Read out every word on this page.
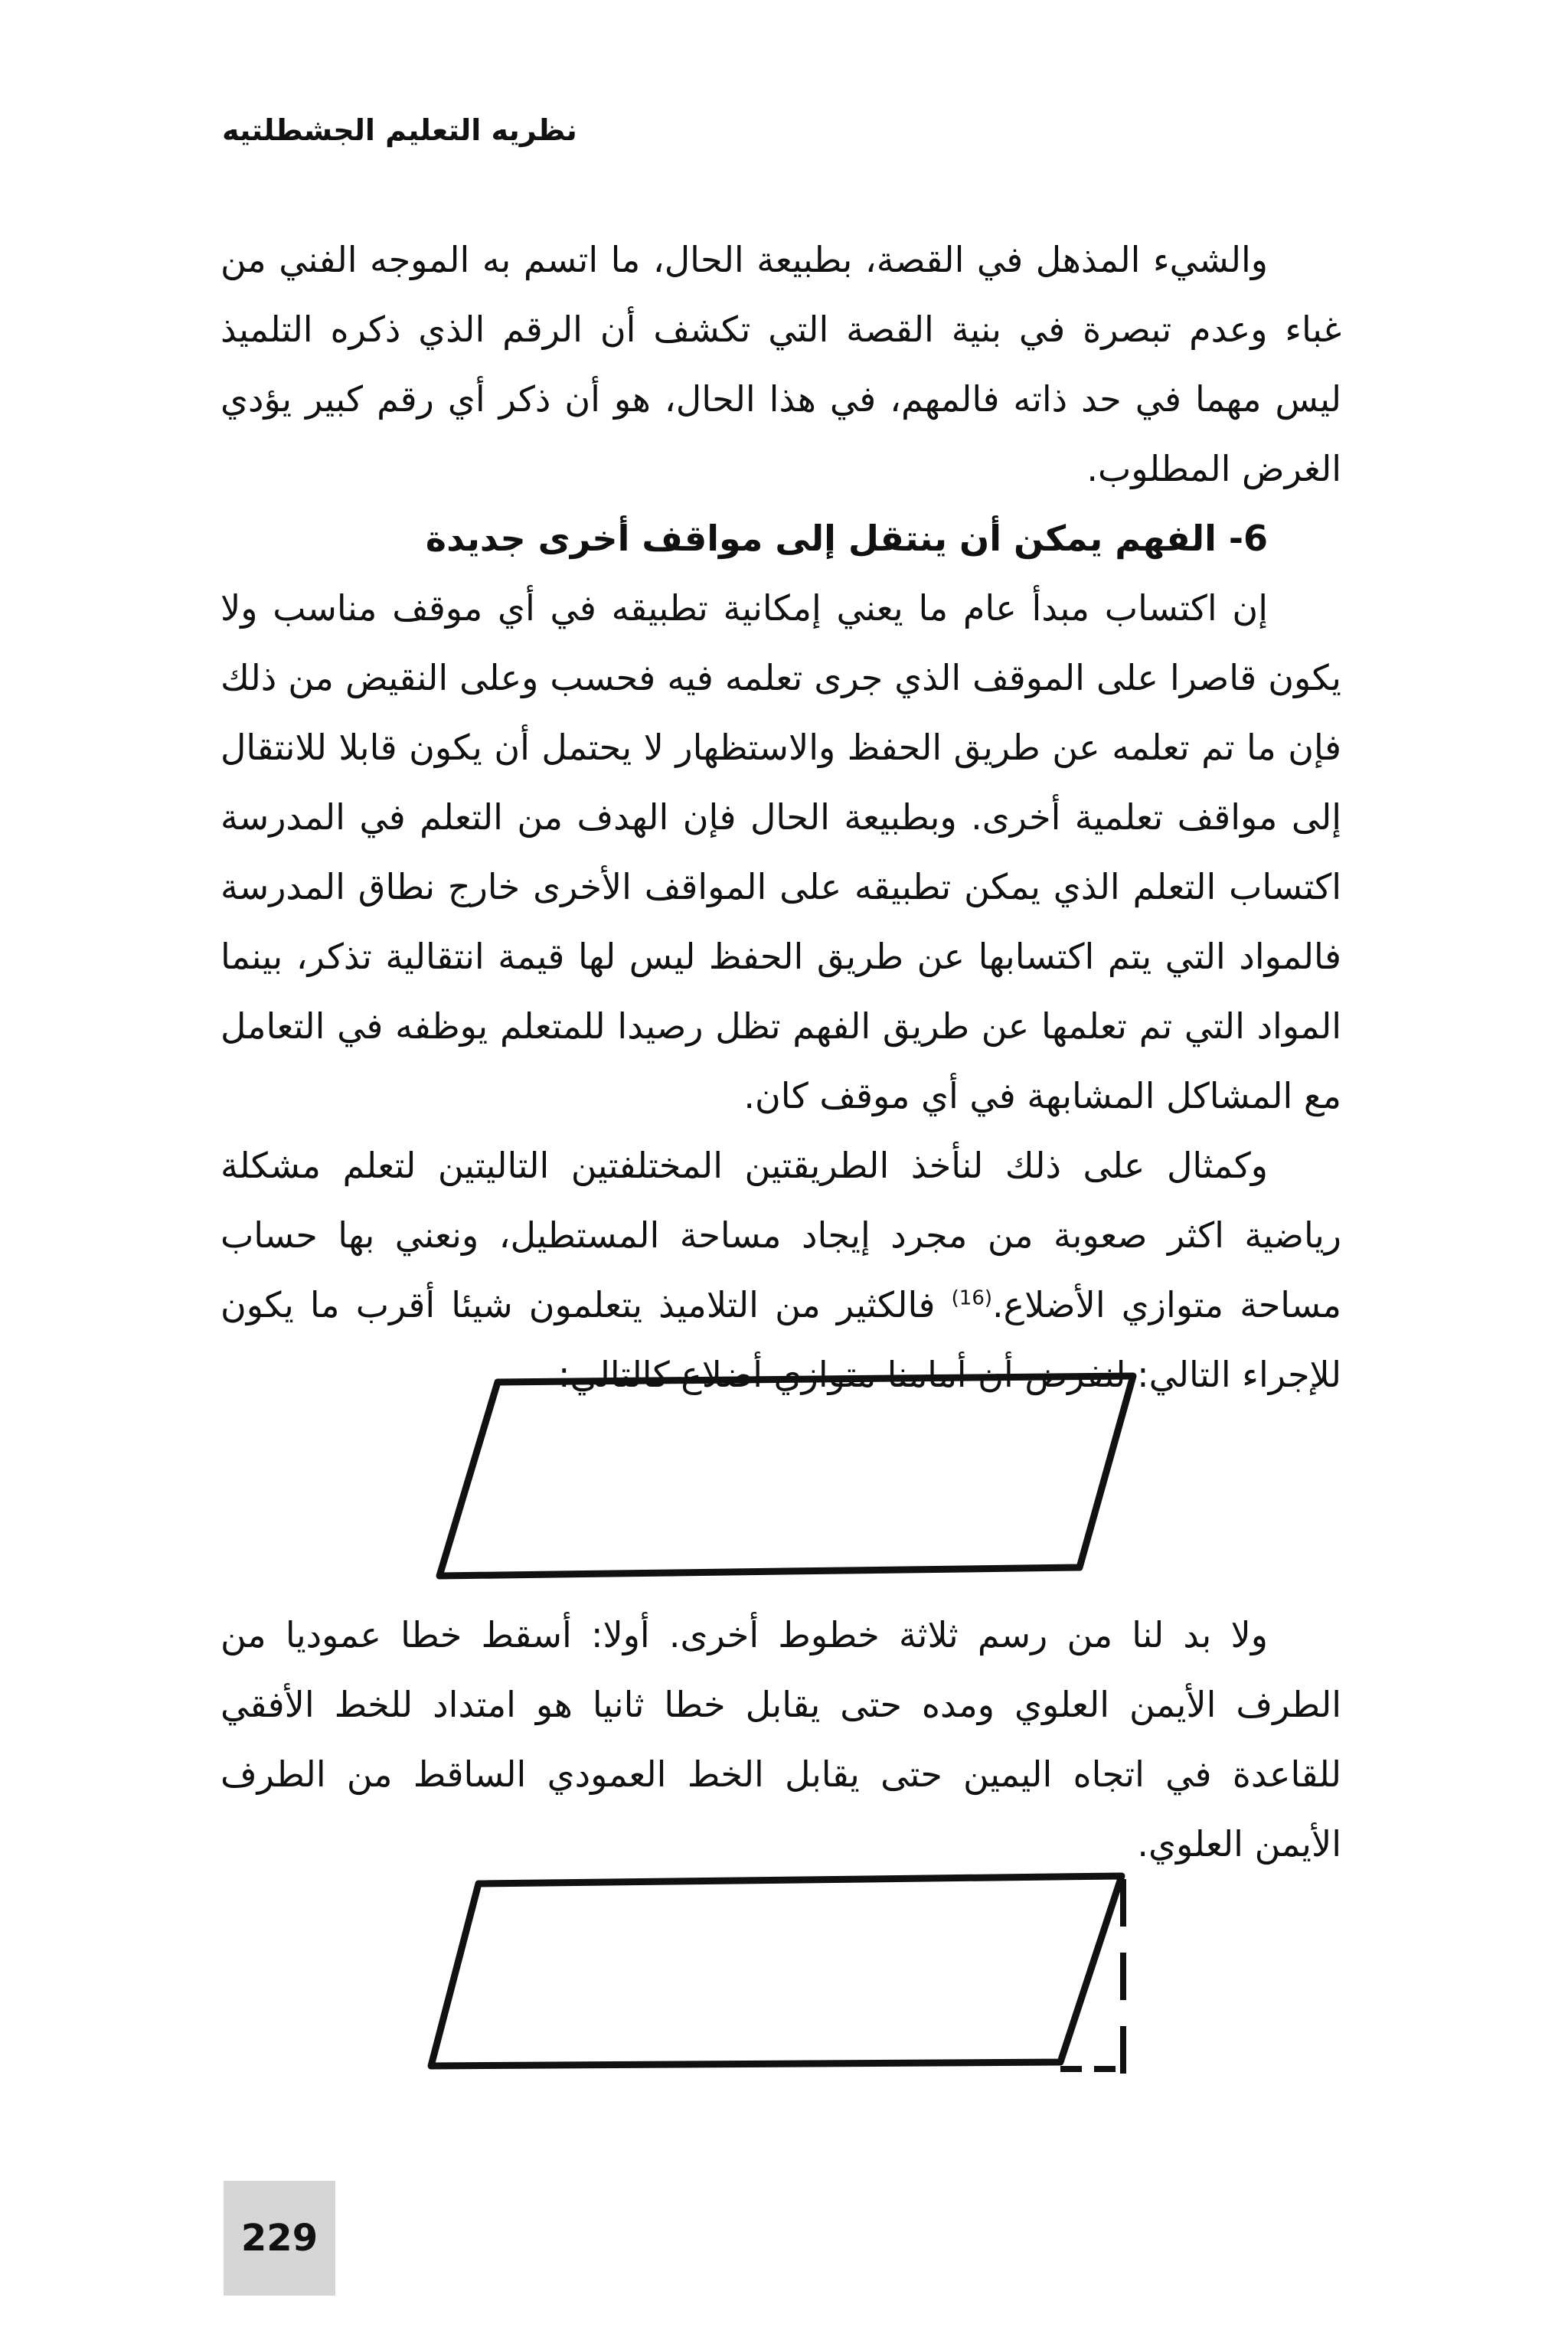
نظريه التعليم الجشطلتيه

والشيء المذهل في القصة، بطبيعة الحال، ما اتسم به الموجه الفني من غباء وعدم تبصرة في بنية القصة التي تكشف أن الرقم الذي ذكره التلميذ ليس مهما في حد ذاته فالمهم، في هذا الحال، هو أن ذكر أي رقم كبير يؤدي الغرض المطلوب.

6- الفهم يمكن أن ينتقل إلى مواقف أخرى جديدة

إن اكتساب مبدأ عام ما يعني إمكانية تطبيقه في أي موقف مناسب ولا يكون قاصرا على الموقف الذي جرى تعلمه فيه فحسب وعلى النقيض من ذلك فإن ما تم تعلمه عن طريق الحفظ والاستظهار لا يحتمل أن يكون قابلا للانتقال إلى مواقف تعلمية أخرى. وبطبيعة الحال فإن الهدف من التعلم في المدرسة اكتساب التعلم الذي يمكن تطبيقه على المواقف الأخرى خارج نطاق المدرسة فالمواد التي يتم اكتسابها عن طريق الحفظ ليس لها قيمة انتقالية تذكر، بينما المواد التي تم تعلمها عن طريق الفهم تظل رصيدا للمتعلم يوظفه في التعامل مع المشاكل المشابهة في أي موقف كان.

وكمثال على ذلك لنأخذ الطريقتين المختلفتين التاليتين لتعلم مشكلة رياضية اكثر صعوبة من مجرد إيجاد مساحة المستطيل، ونعني بها حساب مساحة متوازي الأضلاع.$^{(16)}$ فالكثير من التلاميذ يتعلمون شيئا أقرب ما يكون للإجراء التالي: لنفرض أن أمامنا متوازي أضلاع كالتالي:

ولا بد لنا من رسم ثلاثة خطوط أخرى. أولا: أسقط خطا عموديا من الطرف الأيمن العلوي ومده حتى يقابل خطا ثانيا هو امتداد للخط الأفقي للقاعدة في اتجاه اليمين حتى يقابل الخط العمودي الساقط من الطرف الأيمن العلوي.

229
